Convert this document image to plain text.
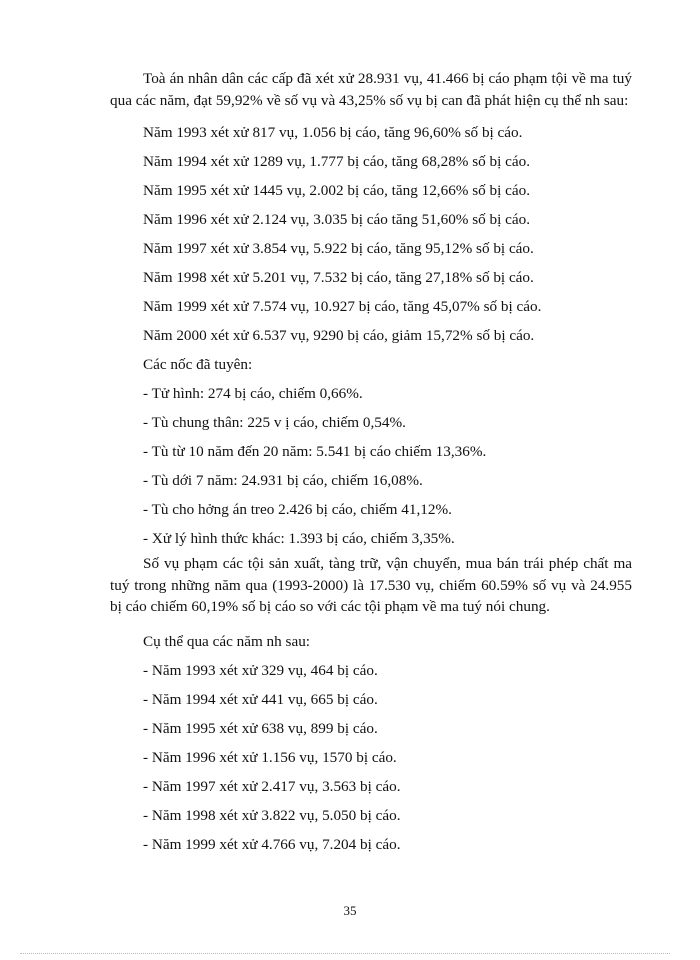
Toà án nhân dân các cấp đã xét xử 28.931 vụ, 41.466 bị cáo phạm tội về ma tuý qua các năm, đạt 59,92% về số vụ và 43,25% số vụ bị can đã phát hiện cụ thể nh sau:

Năm 1993 xét xử 817 vụ, 1.056 bị cáo, tăng 96,60% số bị cáo.
Năm 1994 xét xử 1289 vụ, 1.777 bị cáo, tăng 68,28% số bị cáo.
Năm 1995 xét xử 1445 vụ, 2.002 bị cáo, tăng 12,66% số bị cáo.
Năm 1996 xét xử 2.124 vụ, 3.035 bị cáo tăng 51,60% số bị cáo.
Năm 1997 xét xử 3.854 vụ, 5.922 bị cáo, tăng 95,12% số bị cáo.
Năm 1998 xét xử 5.201 vụ, 7.532 bị cáo, tăng 27,18% số bị cáo.
Năm 1999 xét xử 7.574 vụ, 10.927 bị cáo, tăng 45,07% số bị cáo.
Năm 2000 xét xử 6.537 vụ, 9290 bị cáo, giảm 15,72% số bị cáo.
Các nốc đã tuyên:
- Tử hình: 274 bị cáo, chiếm 0,66%.
- Tù chung thân: 225 v ị cáo, chiếm 0,54%.
- Tù từ 10 năm đến 20 năm: 5.541 bị cáo chiếm 13,36%.
- Tù dới 7 năm: 24.931 bị cáo, chiếm 16,08%.
- Tù cho hởng án treo 2.426 bị cáo, chiếm 41,12%.
- Xử lý hình thức khác: 1.393 bị cáo, chiếm 3,35%.

Số vụ phạm các tội sản xuất, tàng trữ, vận chuyển, mua bán trái phép chất ma tuý trong những năm qua (1993-2000) là 17.530 vụ, chiếm 60.59% số vụ và 24.955 bị cáo chiếm 60,19% số bị cáo so với các tội phạm về ma tuý nói chung.

Cụ thể qua các năm nh sau:
- Năm 1993 xét xử 329 vụ, 464 bị cáo.
- Năm 1994 xét xử 441 vụ, 665 bị cáo.
- Năm 1995 xét xử 638 vụ, 899 bị cáo.
- Năm 1996 xét xử 1.156 vụ, 1570 bị cáo.
- Năm 1997 xét xử 2.417 vụ, 3.563 bị cáo.
- Năm 1998 xét xử 3.822 vụ, 5.050 bị cáo.
- Năm 1999 xét xử 4.766 vụ, 7.204 bị cáo.
35
